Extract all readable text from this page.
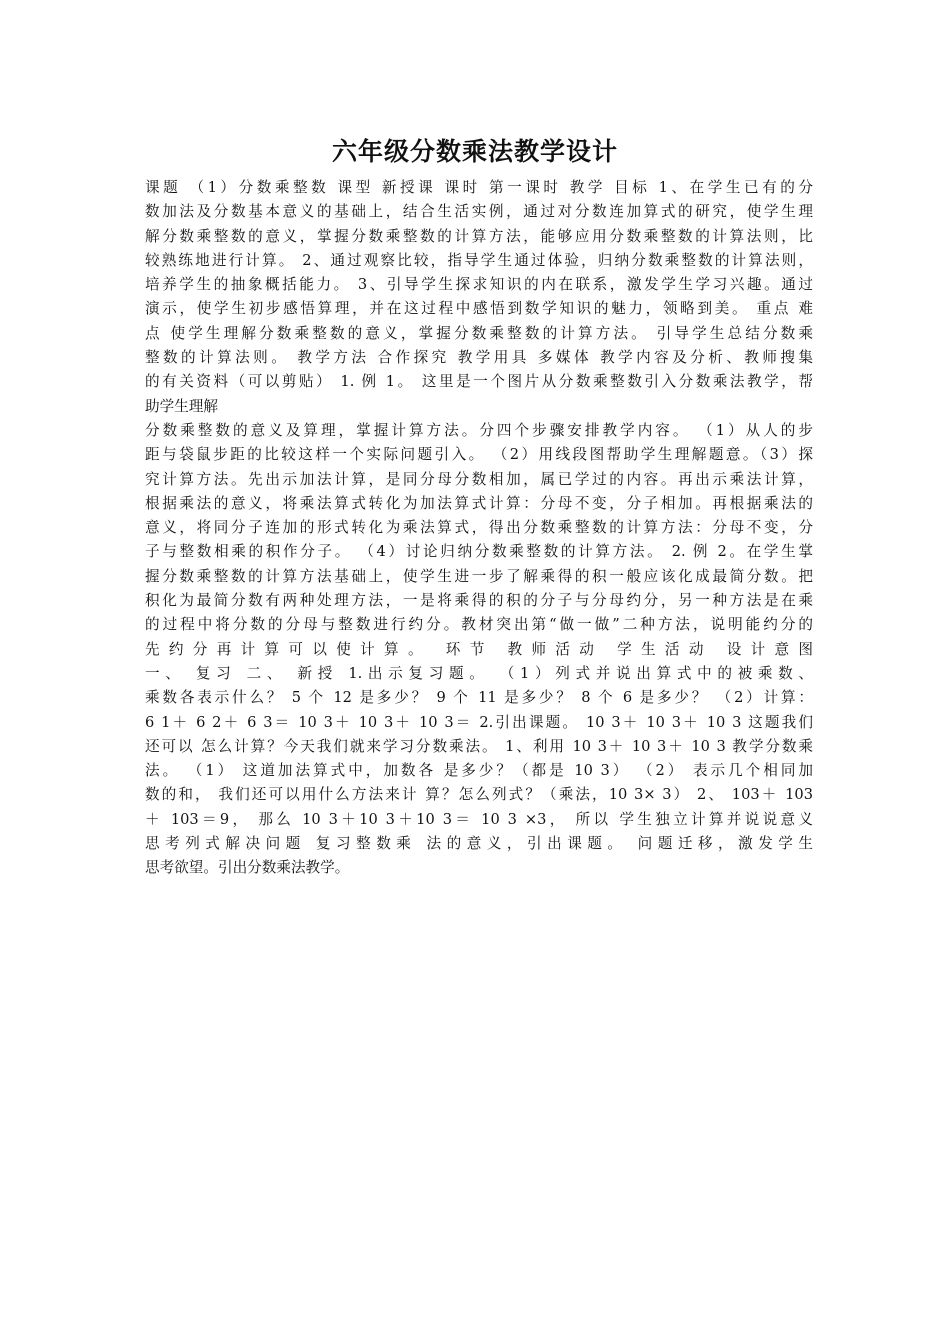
六年级分数乘法教学设计
课题 （1）分数乘整数 课型 新授课 课时 第一课时 教学 目标 1、在学生已有的分
数加法及分数基本意义的基础上，结合生活实例，通过对分数连加算式的研究，使学生理
解分数乘整数的意义，掌握分数乘整数的计算方法，能够应用分数乘整数的计算法则，比
较熟练地进行计算。 2、通过观察比较，指导学生通过体验，归纳分数乘整数的计算法则，
培养学生的抽象概括能力。 3、引导学生探求知识的内在联系，激发学生学习兴趣。通过
演示，使学生初步感悟算理，并在这过程中感悟到数学知识的魅力，领略到美。 重点 难
点 使学生理解分数乘整数的意义，掌握分数乘整数的计算方法。 引导学生总结分数乘
整数的计算法则。 教学方法 合作探究 教学用具 多媒体 教学内容及分析、教师搜集
的有关资料（可以剪贴） 1. 例 1。 这里是一个图片从分数乘整数引入分数乘法教学，帮
助学生理解
分数乘整数的意义及算理，掌握计算方法。分四个步骤安排教学内容。 （1）从人的步
距与袋鼠步距的比较这样一个实际问题引入。 （2）用线段图帮助学生理解题意。（3）探
究计算方法。先出示加法计算，是同分母分数相加，属已学过的内容。再出示乘法计算，
根据乘法的意义，将乘法算式转化为加法算式计算：分母不变，分子相加。再根据乘法的
意义，将同分子连加的形式转化为乘法算式，得出分数乘整数的计算方法：分母不变，分
子与整数相乘的积作分子。 （4）讨论归纳分数乘整数的计算方法。 2. 例 2。在学生掌
握分数乘整数的计算方法基础上，使学生进一步了解乘得的积一般应该化成最简分数。把
积化为最简分数有两种处理方法，一是将乘得的积的分子与分母约分，另一种方法是在乘
的过程中将分数的分母与整数进行约分。教材突出第“做一做”二种方法，说明能约分的
先约分再计算可以使计算。 环节 教师活动 学生活动 设计意图
一、 复习 二、 新授 1.出示复习题。 （1）列式并说出算式中的被乘数、
乘数各表示什么？ 5 个 12 是多少？ 9 个 11 是多少？ 8 个 6 是多少？ （2）计算：
6 1＋ 6 2＋ 6 3＝ 10 3＋ 10 3＋ 10 3＝ 2.引出课题。 10 3＋ 10 3＋ 10 3 这题我们
还可以 怎么计算？今天我们就来学习分数乘法。 1、利用 10 3＋ 10 3＋ 10 3 教学分数乘
法。 （1） 这道加法算式中，加数各 是多少？（都是 10 3） （2） 表示几个相同加
数的和， 我们还可以用什么方法来计 算？怎么列式？（乘法，10 3× 3） 2、 103＋ 103
＋ 103＝9， 那么 10 3＋10 3＋10 3＝ 10 3 ×3， 所以 学生独立计算并说说意义
思考列式解决问题 复习整数乘 法的意义，引出课题。 问题迁移，激发学生
思考欲望。引出分数乘法教学。
